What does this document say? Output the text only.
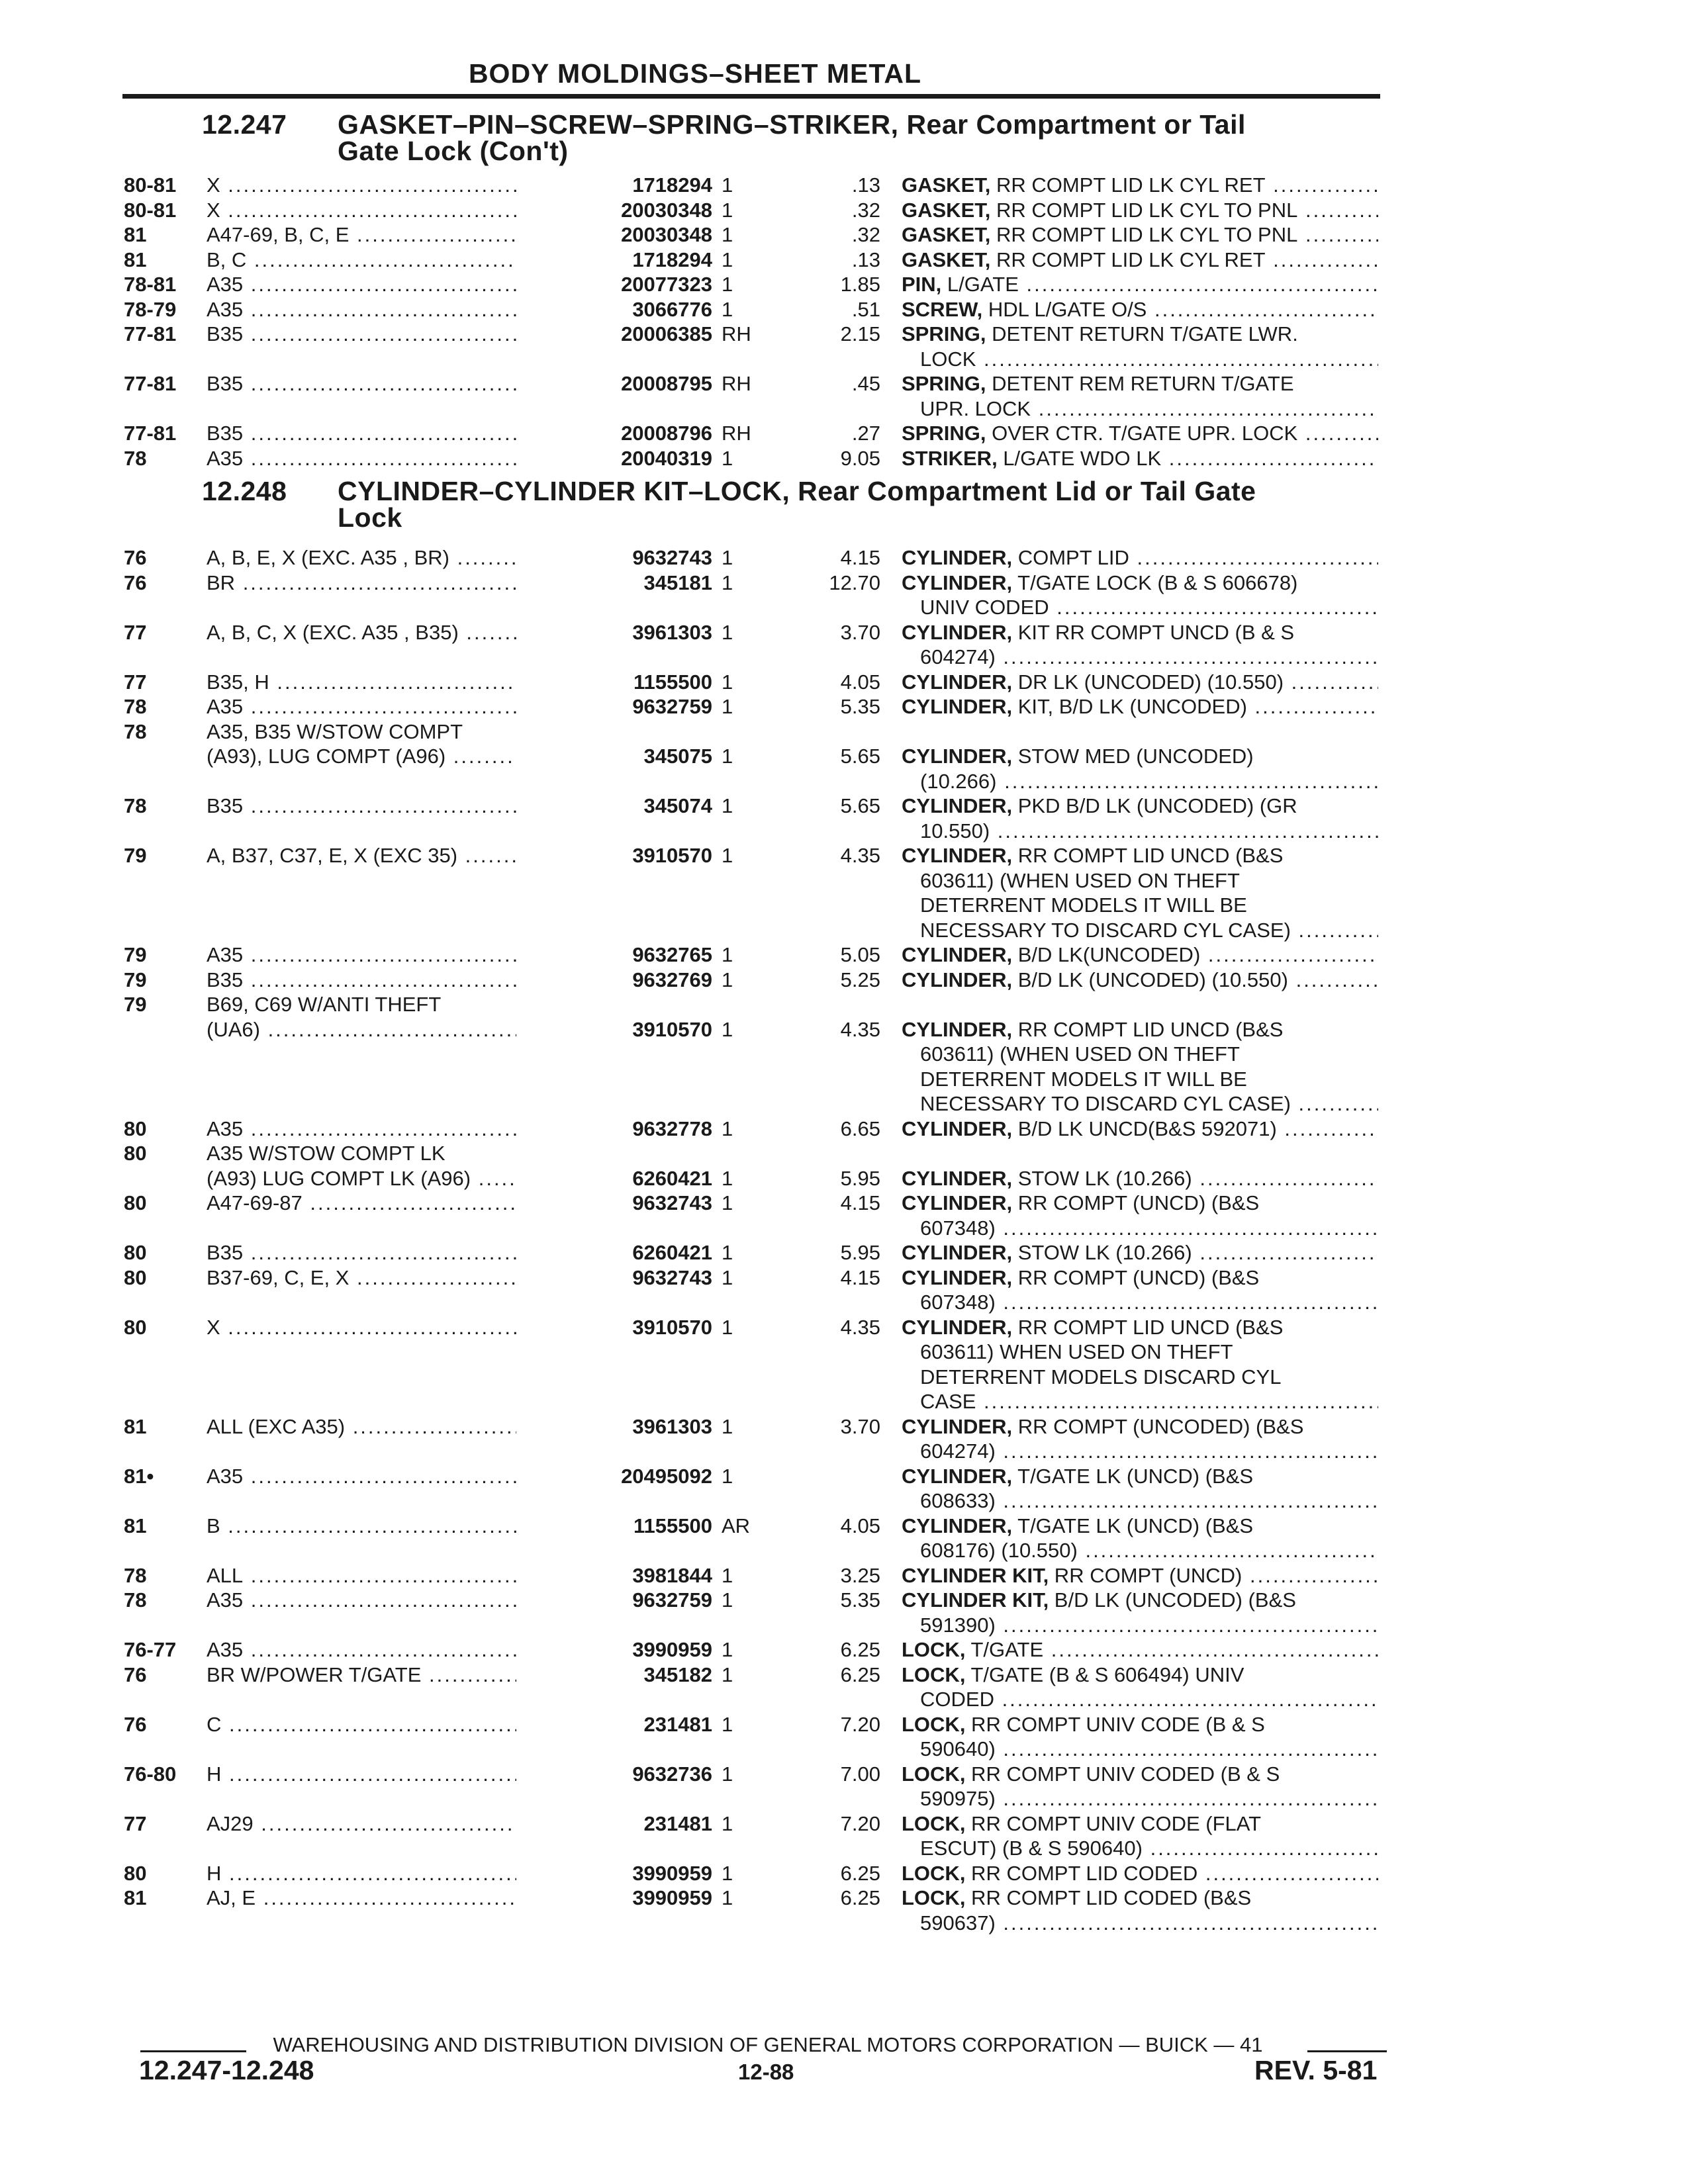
BODY MOLDINGS–SHEET METAL
12.247 GASKET–PIN–SCREW–SPRING–STRIKER, Rear Compartment or Tail
Gate Lock (Con't)
80-81 X .....	1718294 1	.13 GASKET, RR COMPT LID LK CYL RET .....
80-81 X .....	20030348 1	.32 GASKET, RR COMPT LID LK CYL TO PNL .....
81	A47-69, B, C, E .....	20030348 1	.32 GASKET, RR COMPT LID LK CYL TO PNL .....
81	B, C .....	1718294 1	.13 GASKET, RR COMPT LID LK CYL RET .....
78-81 A35 .....	20077323 1	1.85 PIN, L/GATE .....
78-79 A35 .....	3066776 1	.51 SCREW, HDL L/GATE O/S .....
77-81 B35 .....	20006385 RH	2.15 SPRING, DETENT RETURN T/GATE LWR.
LOCK .....
77-81 B35 .....	20008795 RH	.45 SPRING, DETENT REM RETURN T/GATE
UPR. LOCK .....
77-81 B35 .....	20008796 RH	.27 SPRING, OVER CTR. T/GATE UPR. LOCK .....
78	A35 .....	20040319 1	9.05 STRIKER, L/GATE WDO LK .....
12.248 CYLINDER–CYLINDER KIT–LOCK, Rear Compartment Lid or Tail Gate
Lock
76	A, B, E, X (EXC. A35 , BR) .....	9632743 1	4.15 CYLINDER, COMPT LID .....
76	BR .....	345181 1	12.70 CYLINDER, T/GATE LOCK (B & S 606678)
UNIV CODED .....
77	A, B, C, X (EXC. A35 , B35) .....	3961303 1	3.70 CYLINDER, KIT RR COMPT UNCD (B & S
604274) .....
77	B35, H .....	1155500 1	4.05 CYLINDER, DR LK (UNCODED) (10.550) .....
78	A35 .....	9632759 1	5.35 CYLINDER, KIT, B/D LK (UNCODED) .....
78	A35, B35 W/STOW COMPT
(A93), LUG COMPT (A96) .....	345075 1	5.65 CYLINDER, STOW MED (UNCODED)
(10.266) .....
78	B35 .....	345074 1	5.65 CYLINDER, PKD B/D LK (UNCODED) (GR
10.550) .....
79	A, B37, C37, E, X (EXC 35) .....	3910570 1	4.35 CYLINDER, RR COMPT LID UNCD (B&S
603611) (WHEN USED ON THEFT
DETERRENT MODELS IT WILL BE
NECESSARY TO DISCARD CYL CASE) .....
79	A35 .....	9632765 1	5.05 CYLINDER, B/D LK(UNCODED) .....
79	B35 .....	9632769 1	5.25 CYLINDER, B/D LK (UNCODED) (10.550) .....
79	B69, C69 W/ANTI THEFT
(UA6) .....	3910570 1	4.35 CYLINDER, RR COMPT LID UNCD (B&S
603611) (WHEN USED ON THEFT
DETERRENT MODELS IT WILL BE
NECESSARY TO DISCARD CYL CASE) .....
80	A35 .....	9632778 1	6.65 CYLINDER, B/D LK UNCD(B&S 592071) .....
80	A35 W/STOW COMPT LK
(A93) LUG COMPT LK (A96) .....	6260421 1	5.95 CYLINDER, STOW LK (10.266) .....
80	A47-69-87 .....	9632743 1	4.15 CYLINDER, RR COMPT (UNCD) (B&S
607348) .....
80	B35 .....	6260421 1	5.95 CYLINDER, STOW LK (10.266) .....
80	B37-69, C, E, X .....	9632743 1	4.15 CYLINDER, RR COMPT (UNCD) (B&S
607348) .....
80	X .....	3910570 1	4.35 CYLINDER, RR COMPT LID UNCD (B&S
603611) WHEN USED ON THEFT
DETERRENT MODELS DISCARD CYL
CASE .....
81	ALL (EXC A35) .....	3961303 1	3.70 CYLINDER, RR COMPT (UNCODED) (B&S
604274) .....
81•	A35 .....	20495092 1	CYLINDER, T/GATE LK (UNCD) (B&S
608633) .....
81	B .....	1155500 AR	4.05 CYLINDER, T/GATE LK (UNCD) (B&S
608176) (10.550) .....
78	ALL .....	3981844 1	3.25 CYLINDER KIT, RR COMPT (UNCD) .....
78	A35 .....	9632759 1	5.35 CYLINDER KIT, B/D LK (UNCODED) (B&S
591390) .....
76-77 A35 .....	3990959 1	6.25 LOCK, T/GATE .....
76	BR W/POWER T/GATE .....	345182 1	6.25 LOCK, T/GATE (B & S 606494) UNIV
CODED .....
76	C .....	231481 1	7.20 LOCK, RR COMPT UNIV CODE (B & S
590640) .....
76-80 H .....	9632736 1	7.00 LOCK, RR COMPT UNIV CODED (B & S
590975) .....
77	AJ29 .....	231481 1	7.20 LOCK, RR COMPT UNIV CODE (FLAT
ESCUT) (B & S 590640) .....
80	H .....	3990959 1	6.25 LOCK, RR COMPT LID CODED .....
81	AJ, E .....	3990959 1	6.25 LOCK, RR COMPT LID CODED (B&S
590637) .....
WAREHOUSING AND DISTRIBUTION DIVISION OF GENERAL MOTORS CORPORATION — BUICK — 41
12.247-12.248	12-88	REV. 5-81
